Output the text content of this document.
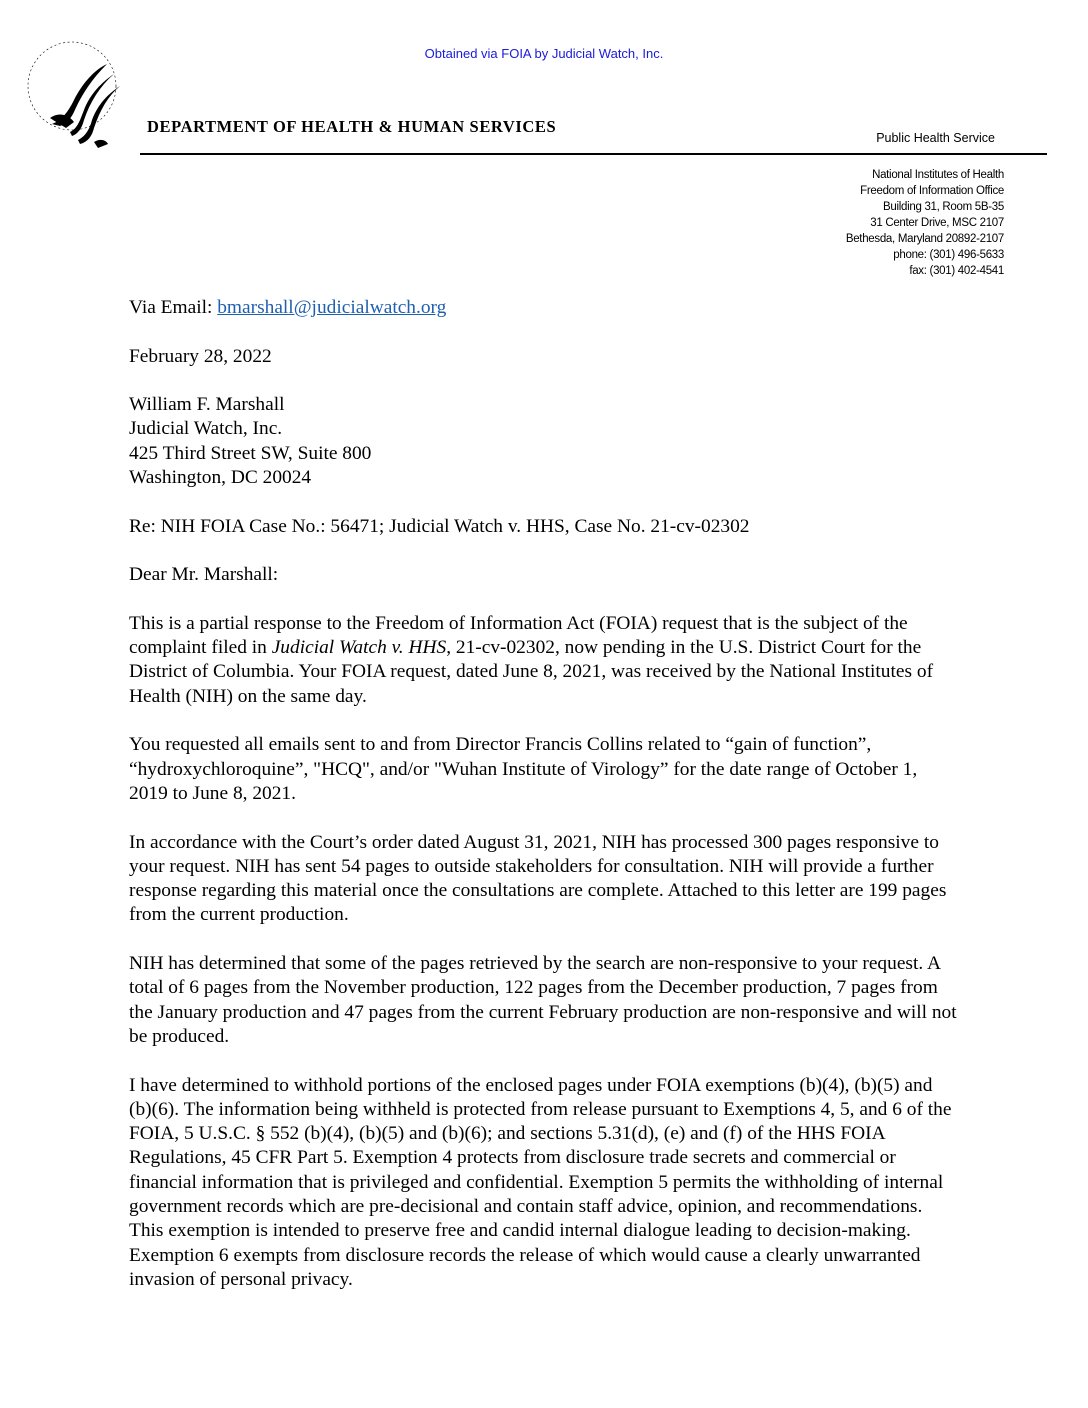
Obtained via FOIA by Judicial Watch, Inc.
DEPARTMENT OF HEALTH & HUMAN SERVICES
Public Health Service
National Institutes of Health
Freedom of Information Office
Building 31, Room 5B-35
31 Center Drive, MSC 2107
Bethesda, Maryland 20892-2107
phone: (301) 496-5633
fax: (301) 402-4541

Via Email: bmarshall@judicialwatch.org

February 28, 2022

William F. Marshall

Judicial Watch, Inc.

425 Third Street SW, Suite 800

Washington, DC 20024

Re: NIH FOIA Case No.: 56471; Judicial Watch v. HHS, Case No. 21-cv-02302

Dear Mr. Marshall:

This is a partial response to the Freedom of Information Act (FOIA) request that is the subject of the complaint filed in Judicial Watch v. HHS, 21-cv-02302, now pending in the U.S. District Court for the District of Columbia. Your FOIA request, dated June 8, 2021, was received by the National Institutes of Health (NIH) on the same day.

You requested all emails sent to and from Director Francis Collins related to “gain of function”, “hydroxychloroquine”, "HCQ", and/or "Wuhan Institute of Virology” for the date range of October 1, 2019 to June 8, 2021.

In accordance with the Court’s order dated August 31, 2021, NIH has processed 300 pages responsive to your request. NIH has sent 54 pages to outside stakeholders for consultation. NIH will provide a further response regarding this material once the consultations are complete. Attached to this letter are 199 pages from the current production.

NIH has determined that some of the pages retrieved by the search are non-responsive to your request. A total of 6 pages from the November production, 122 pages from the December production, 7 pages from the January production and 47 pages from the current February production are non-responsive and will not be produced.

I have determined to withhold portions of the enclosed pages under FOIA exemptions (b)(4), (b)(5) and (b)(6). The information being withheld is protected from release pursuant to Exemptions 4, 5, and 6 of the FOIA, 5 U.S.C. § 552 (b)(4), (b)(5) and (b)(6); and sections 5.31(d), (e) and (f) of the HHS FOIA Regulations, 45 CFR Part 5. Exemption 4 protects from disclosure trade secrets and commercial or financial information that is privileged and confidential. Exemption 5 permits the withholding of internal government records which are pre-decisional and contain staff advice, opinion, and recommendations. This exemption is intended to preserve free and candid internal dialogue leading to decision-making. Exemption 6 exempts from disclosure records the release of which would cause a clearly unwarranted invasion of personal privacy.
